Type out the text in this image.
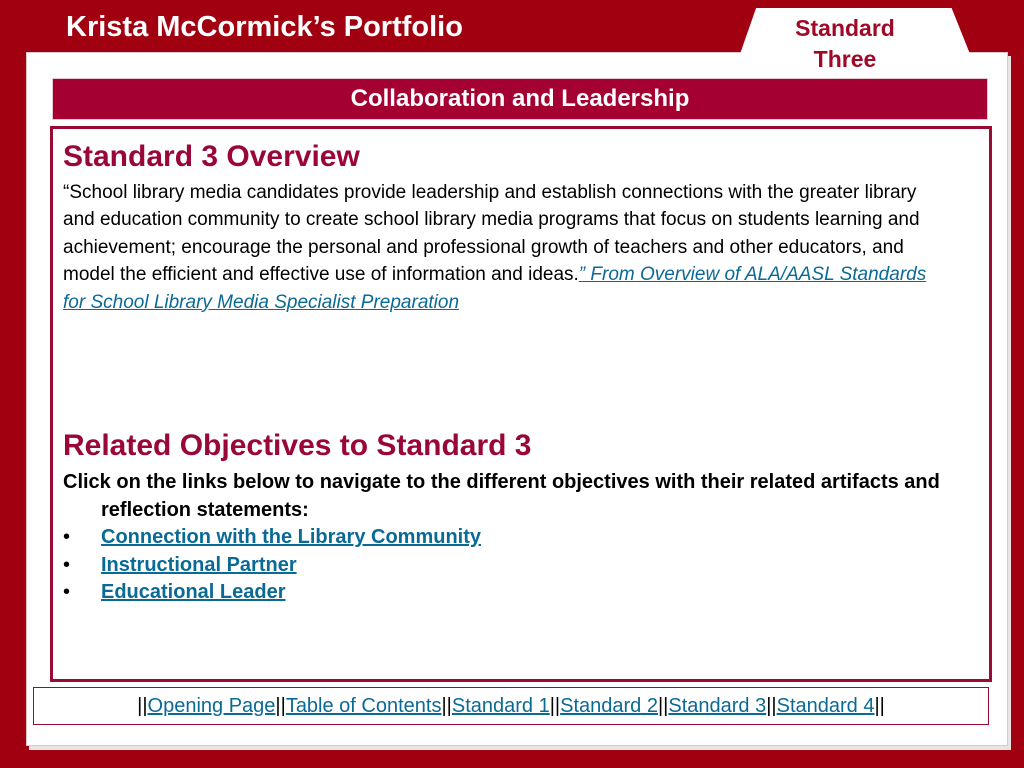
Krista McCormick’s Portfolio	Standard
Three
Collaboration and Leadership
Standard 3 Overview

“School library media candidates provide leadership and establish connections with the greater library and education community to create school library media programs that focus on students learning and achievement; encourage the personal and professional growth of teachers and other educators, and model the efficient and effective use of information and ideas.” From Overview of ALA/AASL Standards for School Library Media Specialist Preparation

Related Objectives to Standard 3

Click on the links below to navigate to the different objectives with their related artifacts and reflection statements:

•	Connection with the Library Community
•	Instructional Partner
•	Educational Leader
|| Opening Page || Table of Contents || Standard 1 || Standard 2 || Standard 3 || Standard 4 ||
